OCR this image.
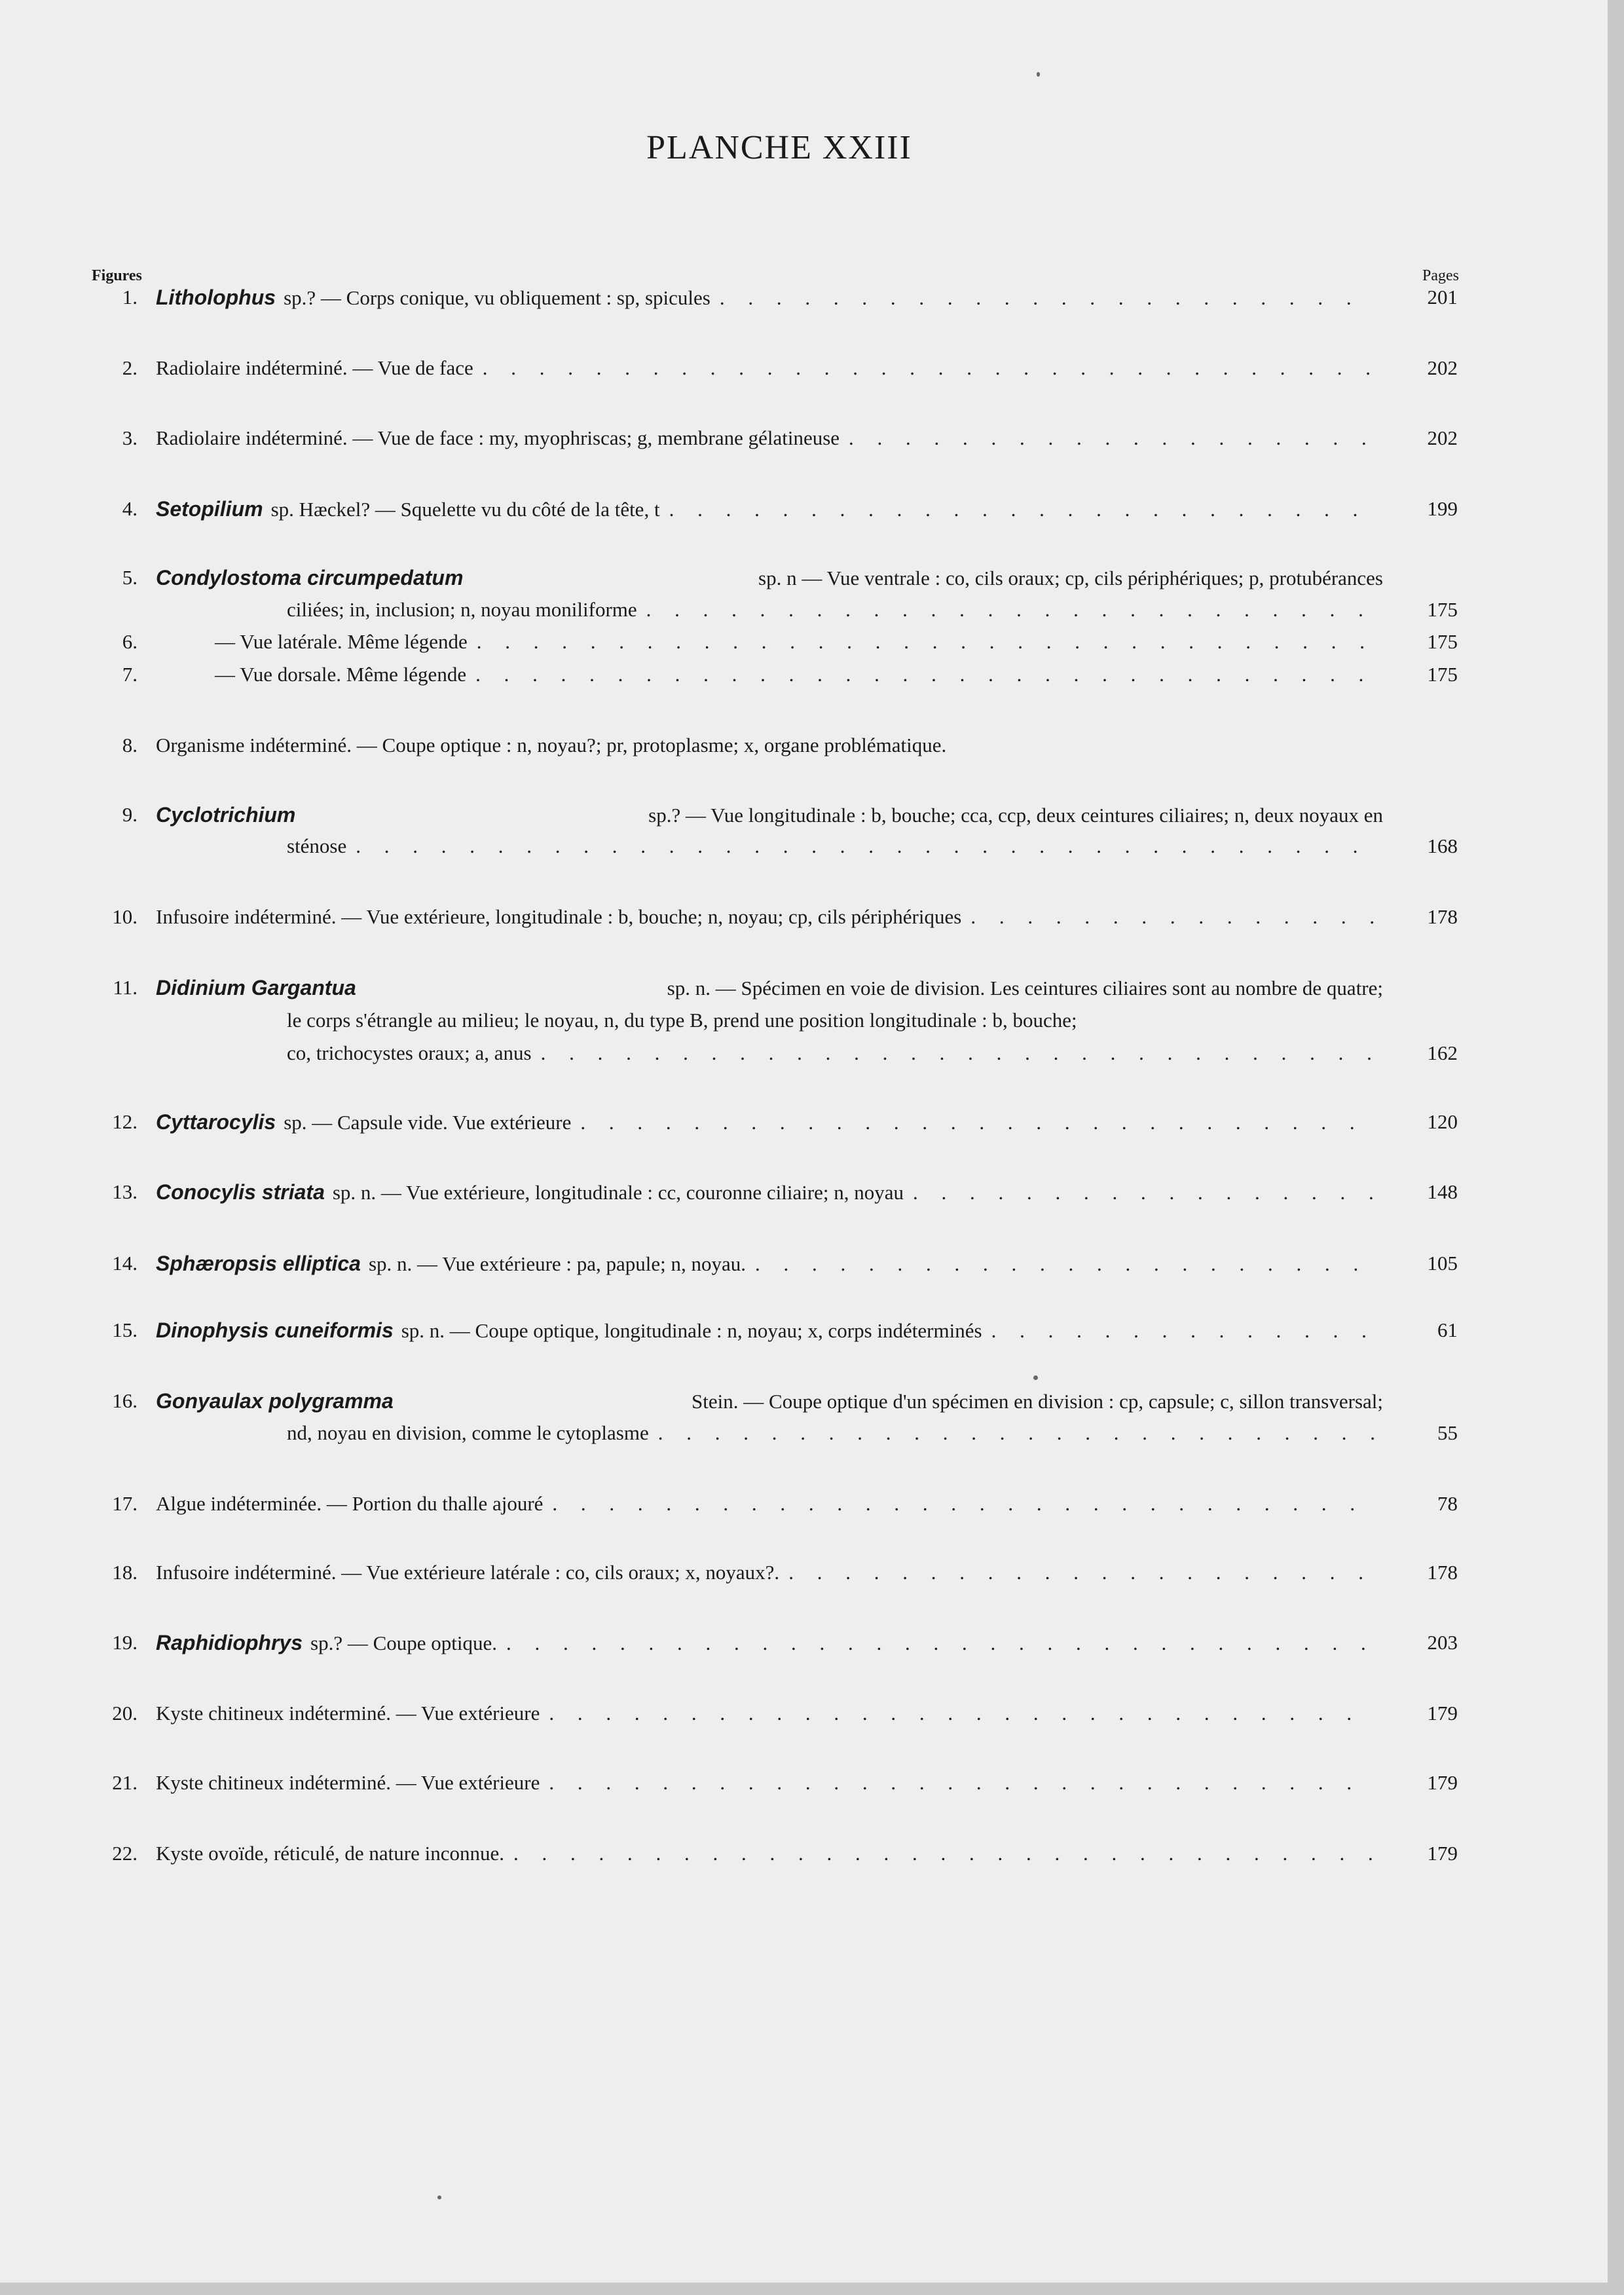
PLANCHE XXIII
Figures	Pages
1. Litholophus sp.? — Corps conique, vu obliquement : sp, spicules . . .	201
2. Radiolaire indéterminé. — Vue de face . . .	202
3. Radiolaire indéterminé. — Vue de face : my, myophriscas; g, membrane gélatineuse . . .	202
4. Setopilium sp. Hæckel? — Squelette vu du côté de la tête, t . . .	199
5. Condylostoma circumpedatum	sp. n — Vue ventrale : co, cils oraux; cp, cils périphériques; p, protubérances
ciliées; in, inclusion; n, noyau moniliforme . . .	175
6.	— Vue latérale. Même légende . . .	175
7.	— Vue dorsale. Même légende . . .	175
8. Organisme indéterminé. — Coupe optique : n, noyau?; pr, protoplasme; x, organe problématique.
9. Cyclotrichium	sp.? — Vue longitudinale : b, bouche; cca, ccp, deux ceintures ciliaires; n, deux noyaux en
sténose . . .	168
10. Infusoire indéterminé. — Vue extérieure, longitudinale : b, bouche; n, noyau; cp, cils périphériques . . .	178
11. Didinium Gargantua	sp. n. — Spécimen en voie de division. Les ceintures ciliaires sont au nombre de quatre;
le corps s'étrangle au milieu; le noyau, n, du type B, prend une position longitudinale : b, bouche;
co, trichocystes oraux; a, anus . . .	162
12. Cyttarocylis sp. — Capsule vide. Vue extérieure . . .	120
13. Conocylis striata sp. n. — Vue extérieure, longitudinale : cc, couronne ciliaire; n, noyau . . .	148
14. Sphæropsis elliptica sp. n. — Vue extérieure : pa, papule; n, noyau. . . .	105
15. Dinophysis cuneiformis sp. n. — Coupe optique, longitudinale : n, noyau; x, corps indéterminés . . .	61
16. Gonyaulax polygramma	Stein. — Coupe optique d'un spécimen en division : cp, capsule; c, sillon transversal;
nd, noyau en division, comme le cytoplasme . . .	55
17. Algue indéterminée. — Portion du thalle ajouré . . .	78
18. Infusoire indéterminé. — Vue extérieure latérale : co, cils oraux; x, noyaux?. . . .	178
19. Raphidiophrys sp.? — Coupe optique. . . .	203
20. Kyste chitineux indéterminé. — Vue extérieure . . .	179
21. Kyste chitineux indéterminé. — Vue extérieure . . .	179
22. Kyste ovoïde, réticulé, de nature inconnue. . . .	179
